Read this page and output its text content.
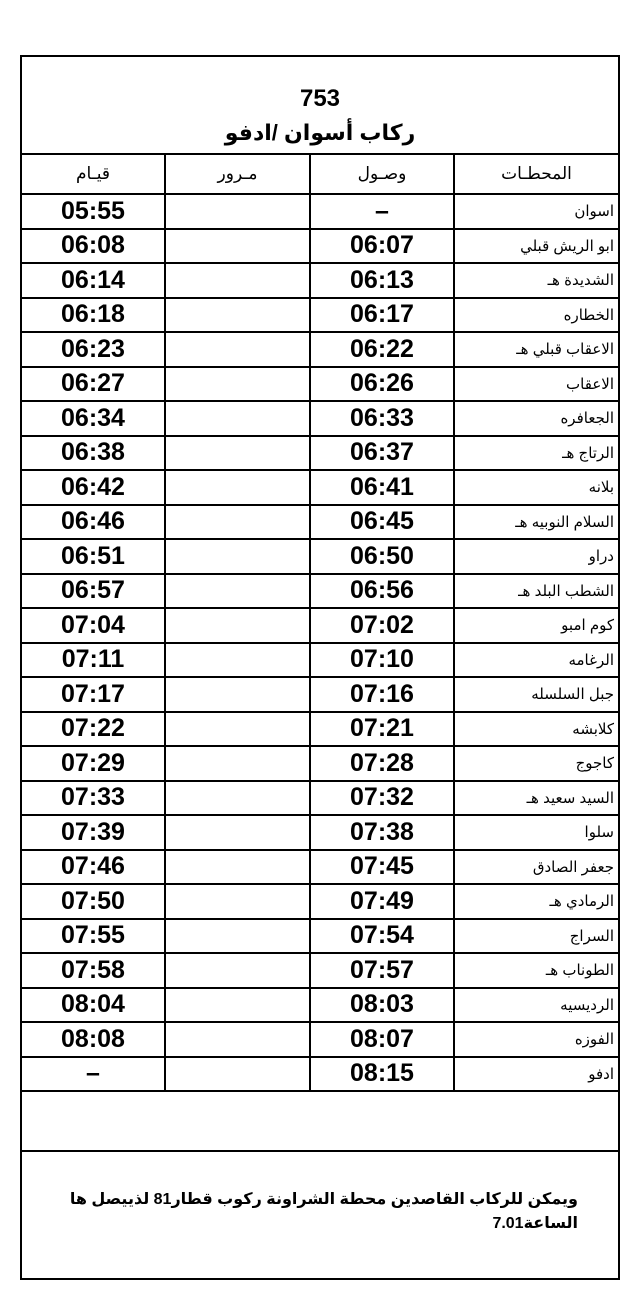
753
ركاب أسوان /ادفو
المحطـات	وصـول	مـرور	قيـام
اسوان	–		05:55
ابو الريش قبلي	06:07		06:08
الشديدة هـ	06:13		06:14
الخطاره	06:17		06:18
الاعقاب قبلي هـ	06:22		06:23
الاعقاب	06:26		06:27
الجعافره	06:33		06:34
الرتاج هـ	06:37		06:38
بلانه	06:41		06:42
السلام النوبيه هـ	06:45		06:46
دراو	06:50		06:51
الشطب البلد هـ	06:56		06:57
كوم امبو	07:02		07:04
الرغامه	07:10		07:11
جبل السلسله	07:16		07:17
كلابشه	07:21		07:22
كاجوج	07:28		07:29
السيد سعيد هـ	07:32		07:33
سلوا	07:38		07:39
جعفر الصادق	07:45		07:46
الرمادي هـ	07:49		07:50
السراج	07:54		07:55
الطوناب هـ	07:57		07:58
الرديسيه	08:03		08:04
الفوزه	08:07		08:08
ادفو	08:15		–
ويمكن للركاب القاصدين محطة الشراونة ركوب قطار81 لذييصل ها الساعة7.01
